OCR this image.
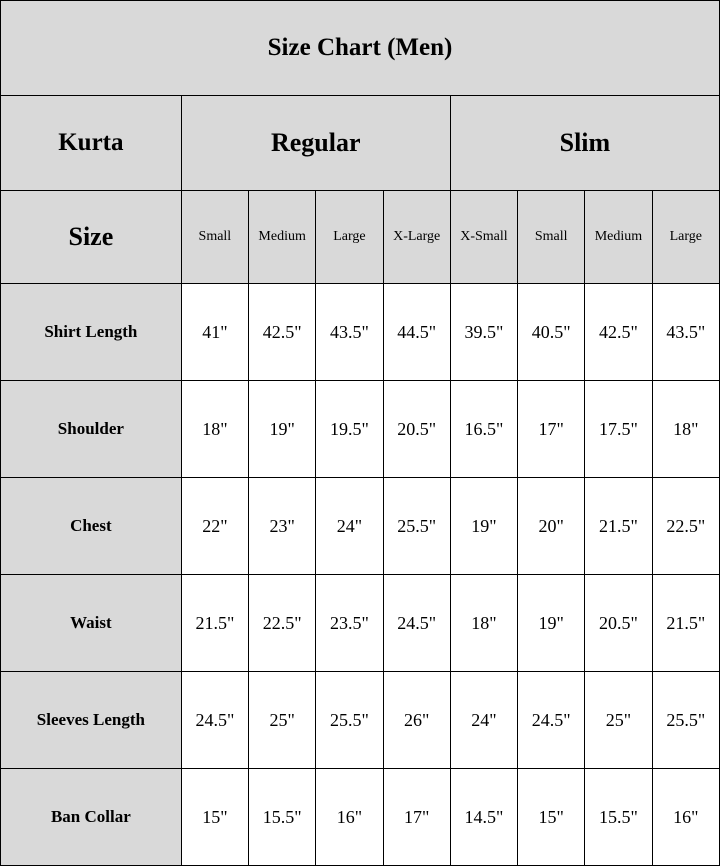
Size Chart (Men)								
Kurta	Regular				Slim			
Size	Small	Medium	Large	X-Large	X-Small	Small	Medium	Large
Shirt Length	41"	42.5"	43.5"	44.5"	39.5"	40.5"	42.5"	43.5"
Shoulder	18"	19"	19.5"	20.5"	16.5"	17"	17.5"	18"
Chest	22"	23"	24"	25.5"	19"	20"	21.5"	22.5"
Waist	21.5"	22.5"	23.5"	24.5"	18"	19"	20.5"	21.5"
Sleeves Length	24.5"	25"	25.5"	26"	24"	24.5"	25"	25.5"
Ban Collar	15"	15.5"	16"	17"	14.5"	15"	15.5"	16"
